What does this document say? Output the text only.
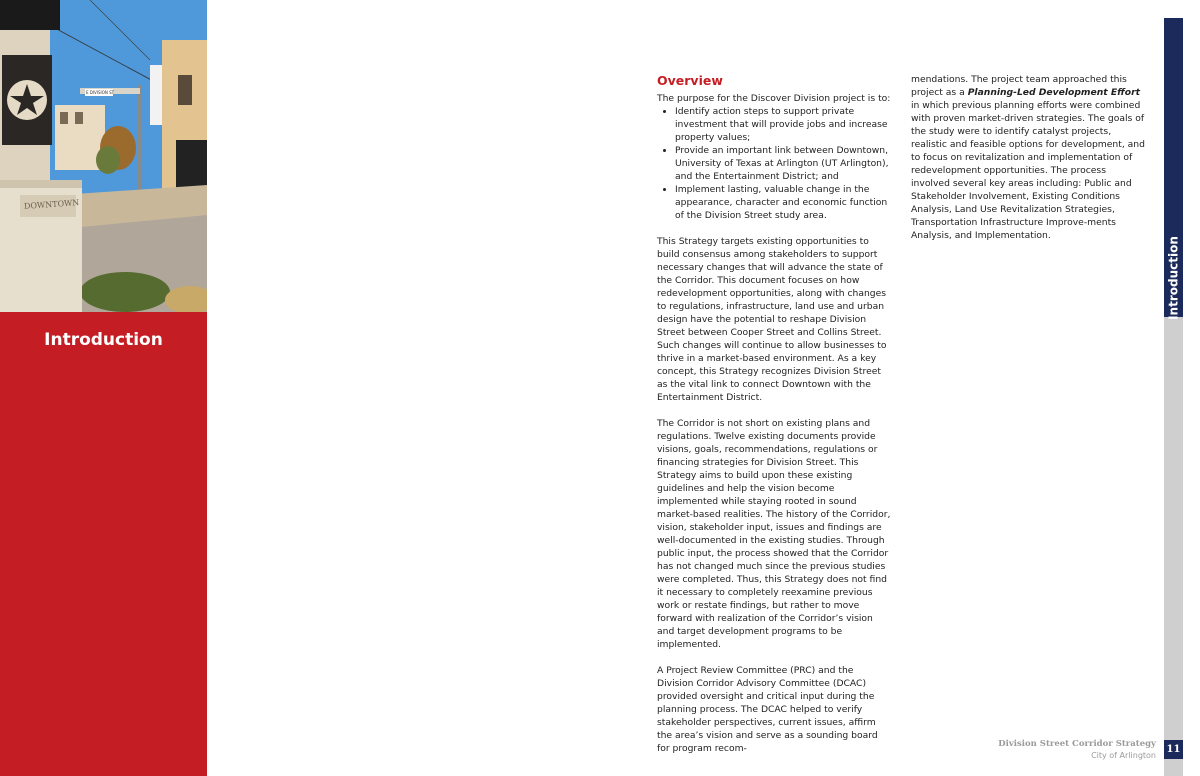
E DIVISION ST
DOWNTOWN
Introduction
Overview
The purpose for the Discover Division project is to:
• Identify action steps to support private investment that will provide jobs and increase property values;
• Provide an important link between Downtown, University of Texas at Arlington (UT Arlington), and the Entertainment District; and
• Implement lasting, valuable change in the appearance, character and economic function of the Division Street study area.

This Strategy targets existing opportunities to build consensus among stakeholders to support necessary changes that will advance the state of the Corridor. This document focuses on how redevelopment opportunities, along with changes to regulations, infrastructure, land use and urban design have the potential to reshape Division Street between Cooper Street and Collins Street. Such changes will continue to allow businesses to thrive in a market-based environment. As a key concept, this Strategy recognizes Division Street as the vital link to connect Downtown with the Entertainment District.

The Corridor is not short on existing plans and regulations. Twelve existing documents provide visions, goals, recommendations, regulations or financing strategies for Division Street. This Strategy aims to build upon these existing guidelines and help the vision become implemented while staying rooted in sound market-based realities. The history of the Corridor, vision, stakeholder input, issues and findings are well-documented in the existing studies. Through public input, the process showed that the Corridor has not changed much since the previous studies were completed. Thus, this Strategy does not find it necessary to completely reexamine previous work or restate findings, but rather to move forward with realization of the Corridor’s vision and target development programs to be implemented.

A Project Review Committee (PRC) and the Division Corridor Advisory Committee (DCAC) provided oversight and critical input during the planning process. The DCAC helped to verify stakeholder perspectives, current issues, affirm the area’s vision and serve as a sounding board for program recom-

mendations. The project team approached this project as a Planning-Led Development Effort in which previous planning efforts were combined with proven market-driven strategies. The goals of the study were to identify catalyst projects, realistic and feasible options for development, and to focus on revitalization and implementation of redevelopment opportunities. The process involved several key areas including: Public and Stakeholder Involvement, Existing Conditions Analysis, Land Use Revitalization Strategies, Transportation Infrastructure Improve-ments Analysis, and Implementation.

Introduction
11
Division Street Corridor Strategy
City of Arlington
